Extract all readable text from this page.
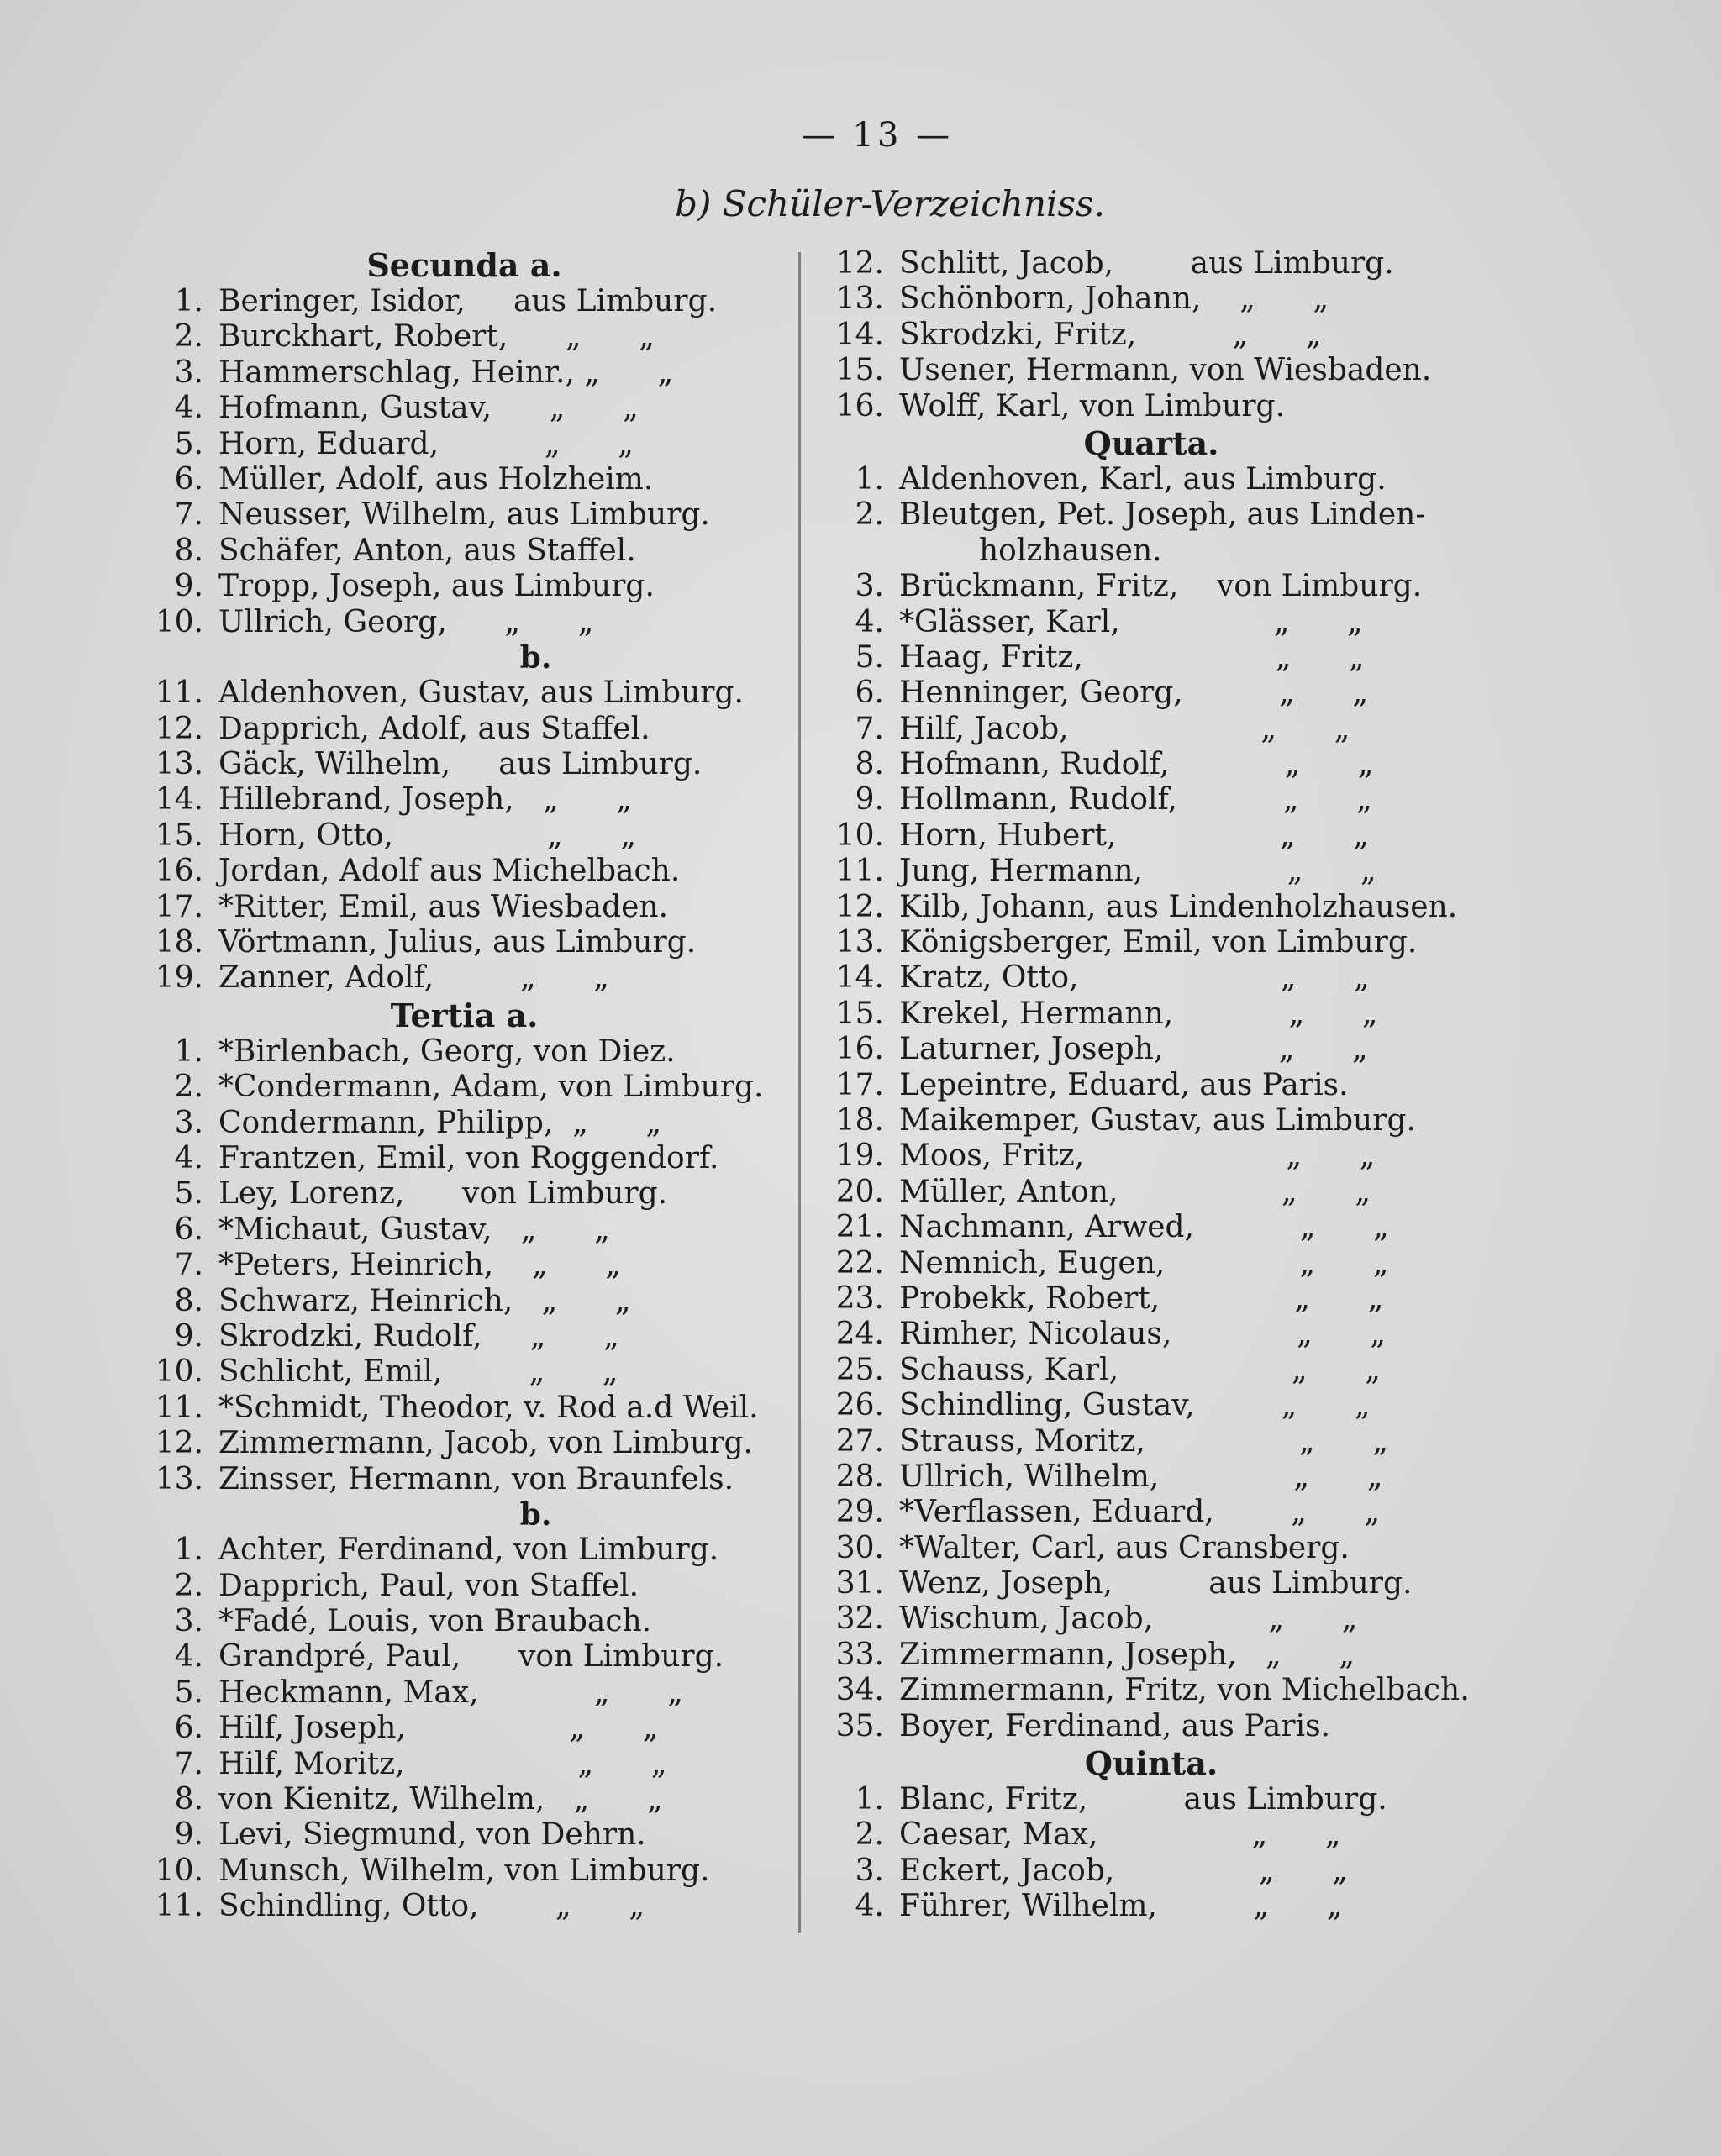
— 13 —
b) Schüler-Verzeichniss.
Secunda a.
1. Beringer, Isidor,     aus Limburg.
2. Burckhart, Robert,      „      „
3. Hammerschlag, Heinr., „      „
4. Hofmann, Gustav,      „      „
5. Horn, Eduard,           „      „
6. Müller, Adolf, aus Holzheim.
7. Neusser, Wilhelm, aus Limburg.
8. Schäfer, Anton, aus Staffel.
9. Tropp, Joseph, aus Limburg.
10. Ullrich, Georg,      „      „
b.
11. Aldenhoven, Gustav, aus Limburg.
12. Dapprich, Adolf, aus Staffel.
13. Gäck, Wilhelm,     aus Limburg.
14. Hillebrand, Joseph,   „      „
15. Horn, Otto,                „      „
16. Jordan, Adolf aus Michelbach.
17. *Ritter, Emil, aus Wiesbaden.
18. Vörtmann, Julius, aus Limburg.
19. Zanner, Adolf,         „      „
Tertia a.
1. *Birlenbach, Georg, von Diez.
2. *Condermann, Adam, von Limburg.
3. Condermann, Philipp,  „      „
4. Frantzen, Emil, von Roggendorf.
5. Ley, Lorenz,      von Limburg.
6. *Michaut, Gustav,   „      „
7. *Peters, Heinrich,    „      „
8. Schwarz, Heinrich,   „      „
9. Skrodzki, Rudolf,     „      „
10. Schlicht, Emil,         „      „
11. *Schmidt, Theodor, v. Rod a.d Weil.
12. Zimmermann, Jacob, von Limburg.
13. Zinsser, Hermann, von Braunfels.
b.
1. Achter, Ferdinand, von Limburg.
2. Dapprich, Paul, von Staffel.
3. *Fadé, Louis, von Braubach.
4. Grandpré, Paul,      von Limburg.
5. Heckmann, Max,            „      „
6. Hilf, Joseph,                 „      „
7. Hilf, Moritz,                  „      „
8. von Kienitz, Wilhelm,   „      „
9. Levi, Siegmund, von Dehrn.
10. Munsch, Wilhelm, von Limburg.
11. Schindling, Otto,        „      „
12. Schlitt, Jacob,        aus Limburg.
13. Schönborn, Johann,    „      „
14. Skrodzki, Fritz,          „      „
15. Usener, Hermann, von Wiesbaden.
16. Wolff, Karl, von Limburg.
Quarta.
1. Aldenhoven, Karl, aus Limburg.
2. Bleutgen, Pet. Joseph, aus Linden-
holzhausen.
3. Brückmann, Fritz,    von Limburg.
4. *Glässer, Karl,                „      „
5. Haag, Fritz,                    „      „
6. Henninger, Georg,          „      „
7. Hilf, Jacob,                    „      „
8. Hofmann, Rudolf,            „      „
9. Hollmann, Rudolf,           „      „
10. Horn, Hubert,                 „      „
11. Jung, Hermann,               „      „
12. Kilb, Johann, aus Lindenholzhausen.
13. Königsberger, Emil, von Limburg.
14. Kratz, Otto,                     „      „
15. Krekel, Hermann,            „      „
16. Laturner, Joseph,            „      „
17. Lepeintre, Eduard, aus Paris.
18. Maikemper, Gustav, aus Limburg.
19. Moos, Fritz,                     „      „
20. Müller, Anton,                 „      „
21. Nachmann, Arwed,           „      „
22. Nemnich, Eugen,              „      „
23. Probekk, Robert,              „      „
24. Rimher, Nicolaus,             „      „
25. Schauss, Karl,                  „      „
26. Schindling, Gustav,         „      „
27. Strauss, Moritz,                „      „
28. Ullrich, Wilhelm,              „      „
29. *Verflassen, Eduard,        „      „
30. *Walter, Carl, aus Cransberg.
31. Wenz, Joseph,          aus Limburg.
32. Wischum, Jacob,            „      „
33. Zimmermann, Joseph,   „      „
34. Zimmermann, Fritz, von Michelbach.
35. Boyer, Ferdinand, aus Paris.
Quinta.
1. Blanc, Fritz,          aus Limburg.
2. Caesar, Max,                „      „
3. Eckert, Jacob,               „      „
4. Führer, Wilhelm,          „      „
